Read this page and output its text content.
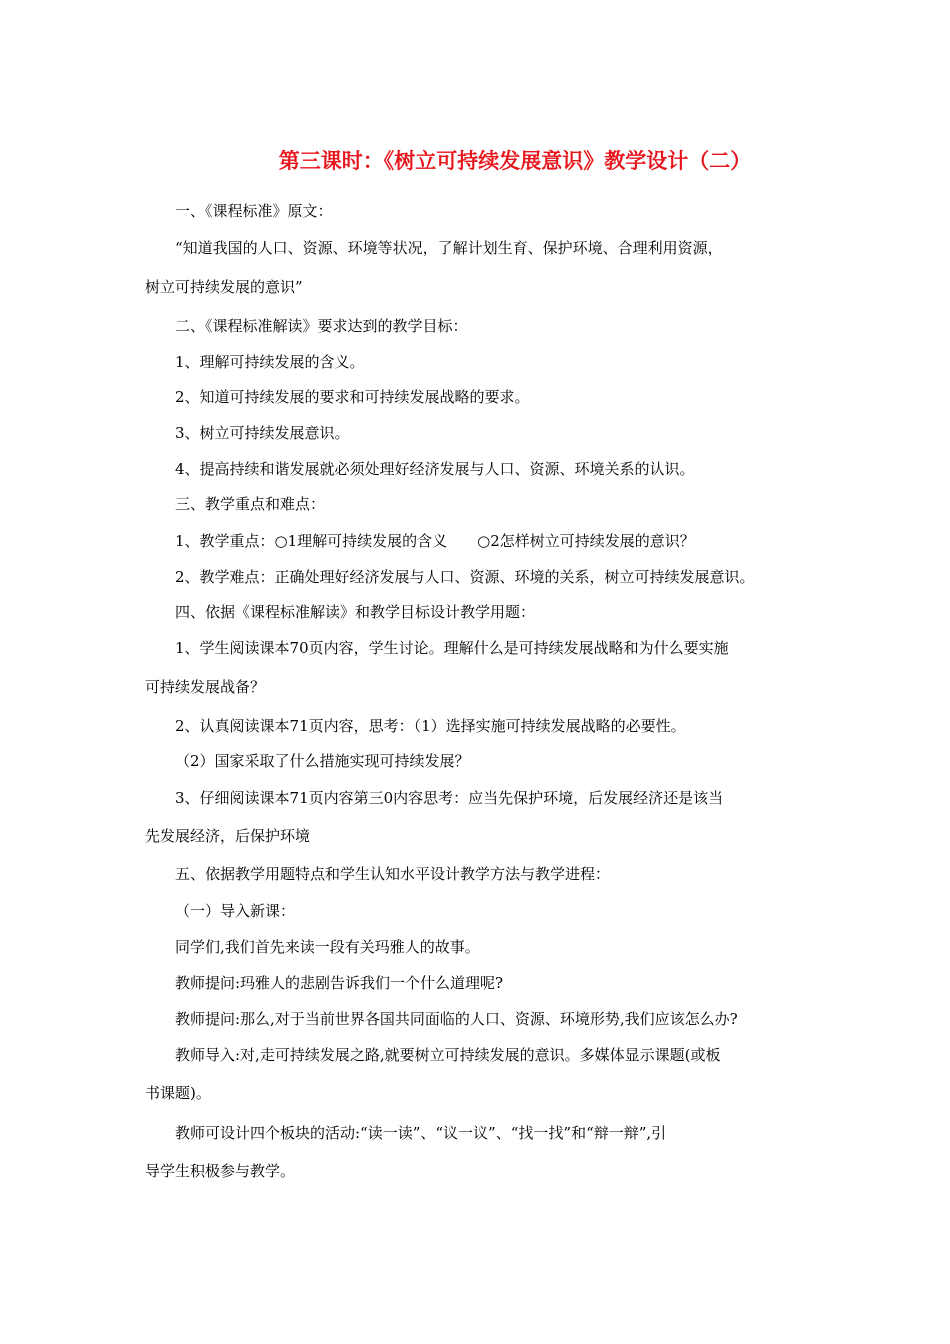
第三课时：《树立可持续发展意识》教学设计（二）
一、《课程标准》原文：
“知道我国的人口、资源、环境等状况，了解计划生育、保护环境、合理利用资源，
树立可持续发展的意识”
二、《课程标准解读》要求达到的教学目标：
1、理解可持续发展的含义。
2、知道可持续发展的要求和可持续发展战略的要求。
3、树立可持续发展意识。
4、提高持续和谐发展就必须处理好经济发展与人口、资源、环境关系的认识。
三、教学重点和难点：
1、教学重点：○1理解可持续发展的含义　　○2怎样树立可持续发展的意识？
2、教学难点：正确处理好经济发展与人口、资源、环境的关系，树立可持续发展意识。
四、依据《课程标准解读》和教学目标设计教学用题：
1、学生阅读课本70页内容，学生讨论。理解什么是可持续发展战略和为什么要实施
可持续发展战备？
2、认真阅读课本71页内容，思考：（1）选择实施可持续发展战略的必要性。
（2）国家采取了什么措施实现可持续发展？
3、仔细阅读课本71页内容第三0内容思考：应当先保护环境，后发展经济还是该当
先发展经济，后保护环境
五、依据教学用题特点和学生认知水平设计教学方法与教学进程：
（一）导入新课：
同学们,我们首先来读一段有关玛雅人的故事。
教师提问:玛雅人的悲剧告诉我们一个什么道理呢?
教师提问:那么,对于当前世界各国共同面临的人口、资源、环境形势,我们应该怎么办?
教师导入:对,走可持续发展之路,就要树立可持续发展的意识。多媒体显示课题(或板
书课题)。
教师可设计四个板块的活动:“读一读”、“议一议”、“找一找”和“辩一辩”,引
导学生积极参与教学。
